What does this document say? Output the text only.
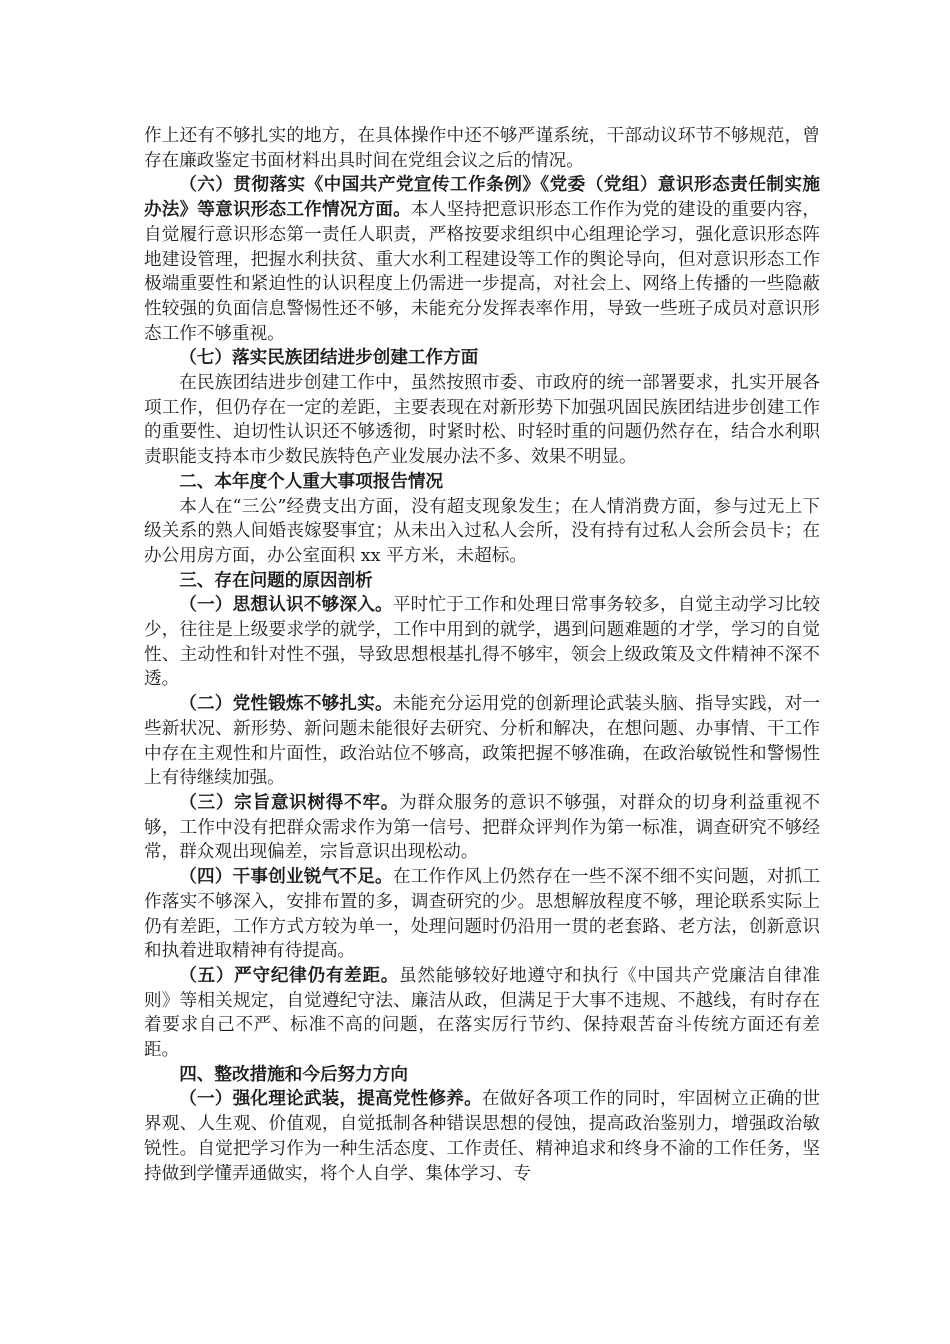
作上还有不够扎实的地方，在具体操作中还不够严谨系统，干部动议环节不够规范，曾存在廉政鉴定书面材料出具时间在党组会议之后的情况。

（六）贯彻落实《中国共产党宣传工作条例》《党委（党组）意识形态责任制实施办法》等意识形态工作情况方面。本人坚持把意识形态工作作为党的建设的重要内容，自觉履行意识形态第一责任人职责，严格按要求组织中心组理论学习，强化意识形态阵地建设管理，把握水利扶贫、重大水利工程建设等工作的舆论导向，但对意识形态工作极端重要性和紧迫性的认识程度上仍需进一步提高，对社会上、网络上传播的一些隐蔽性较强的负面信息警惕性还不够，未能充分发挥表率作用，导致一些班子成员对意识形态工作不够重视。

（七）落实民族团结进步创建工作方面

在民族团结进步创建工作中，虽然按照市委、市政府的统一部署要求，扎实开展各项工作，但仍存在一定的差距，主要表现在对新形势下加强巩固民族团结进步创建工作的重要性、迫切性认识还不够透彻，时紧时松、时轻时重的问题仍然存在，结合水利职责职能支持本市少数民族特色产业发展办法不多、效果不明显。

二、本年度个人重大事项报告情况

本人在“三公”经费支出方面，没有超支现象发生；在人情消费方面，参与过无上下级关系的熟人间婚丧嫁娶事宜；从未出入过私人会所，没有持有过私人会所会员卡；在办公用房方面，办公室面积 xx 平方米，未超标。

三、存在问题的原因剖析

（一）思想认识不够深入。平时忙于工作和处理日常事务较多，自觉主动学习比较少，往往是上级要求学的就学，工作中用到的就学，遇到问题难题的才学，学习的自觉性、主动性和针对性不强，导致思想根基扎得不够牢，领会上级政策及文件精神不深不透。

（二）党性锻炼不够扎实。未能充分运用党的创新理论武装头脑、指导实践，对一些新状况、新形势、新问题未能很好去研究、分析和解决，在想问题、办事情、干工作中存在主观性和片面性，政治站位不够高，政策把握不够准确，在政治敏锐性和警惕性上有待继续加强。

（三）宗旨意识树得不牢。为群众服务的意识不够强，对群众的切身利益重视不够，工作中没有把群众需求作为第一信号、把群众评判作为第一标准，调查研究不够经常，群众观出现偏差，宗旨意识出现松动。

（四）干事创业锐气不足。在工作作风上仍然存在一些不深不细不实问题，对抓工作落实不够深入，安排布置的多，调查研究的少。思想解放程度不够，理论联系实际上仍有差距，工作方式方较为单一，处理问题时仍沿用一贯的老套路、老方法，创新意识和执着进取精神有待提高。

（五）严守纪律仍有差距。虽然能够较好地遵守和执行《中国共产党廉洁自律准则》等相关规定，自觉遵纪守法、廉洁从政，但满足于大事不违规、不越线，有时存在着要求自己不严、标准不高的问题，在落实厉行节约、保持艰苦奋斗传统方面还有差距。

四、整改措施和今后努力方向

（一）强化理论武装，提高党性修养。在做好各项工作的同时，牢固树立正确的世界观、人生观、价值观，自觉抵制各种错误思想的侵蚀，提高政治鉴别力，增强政治敏锐性。自觉把学习作为一种生活态度、工作责任、精神追求和终身不渝的工作任务，坚持做到学懂弄通做实，将个人自学、集体学习、专
